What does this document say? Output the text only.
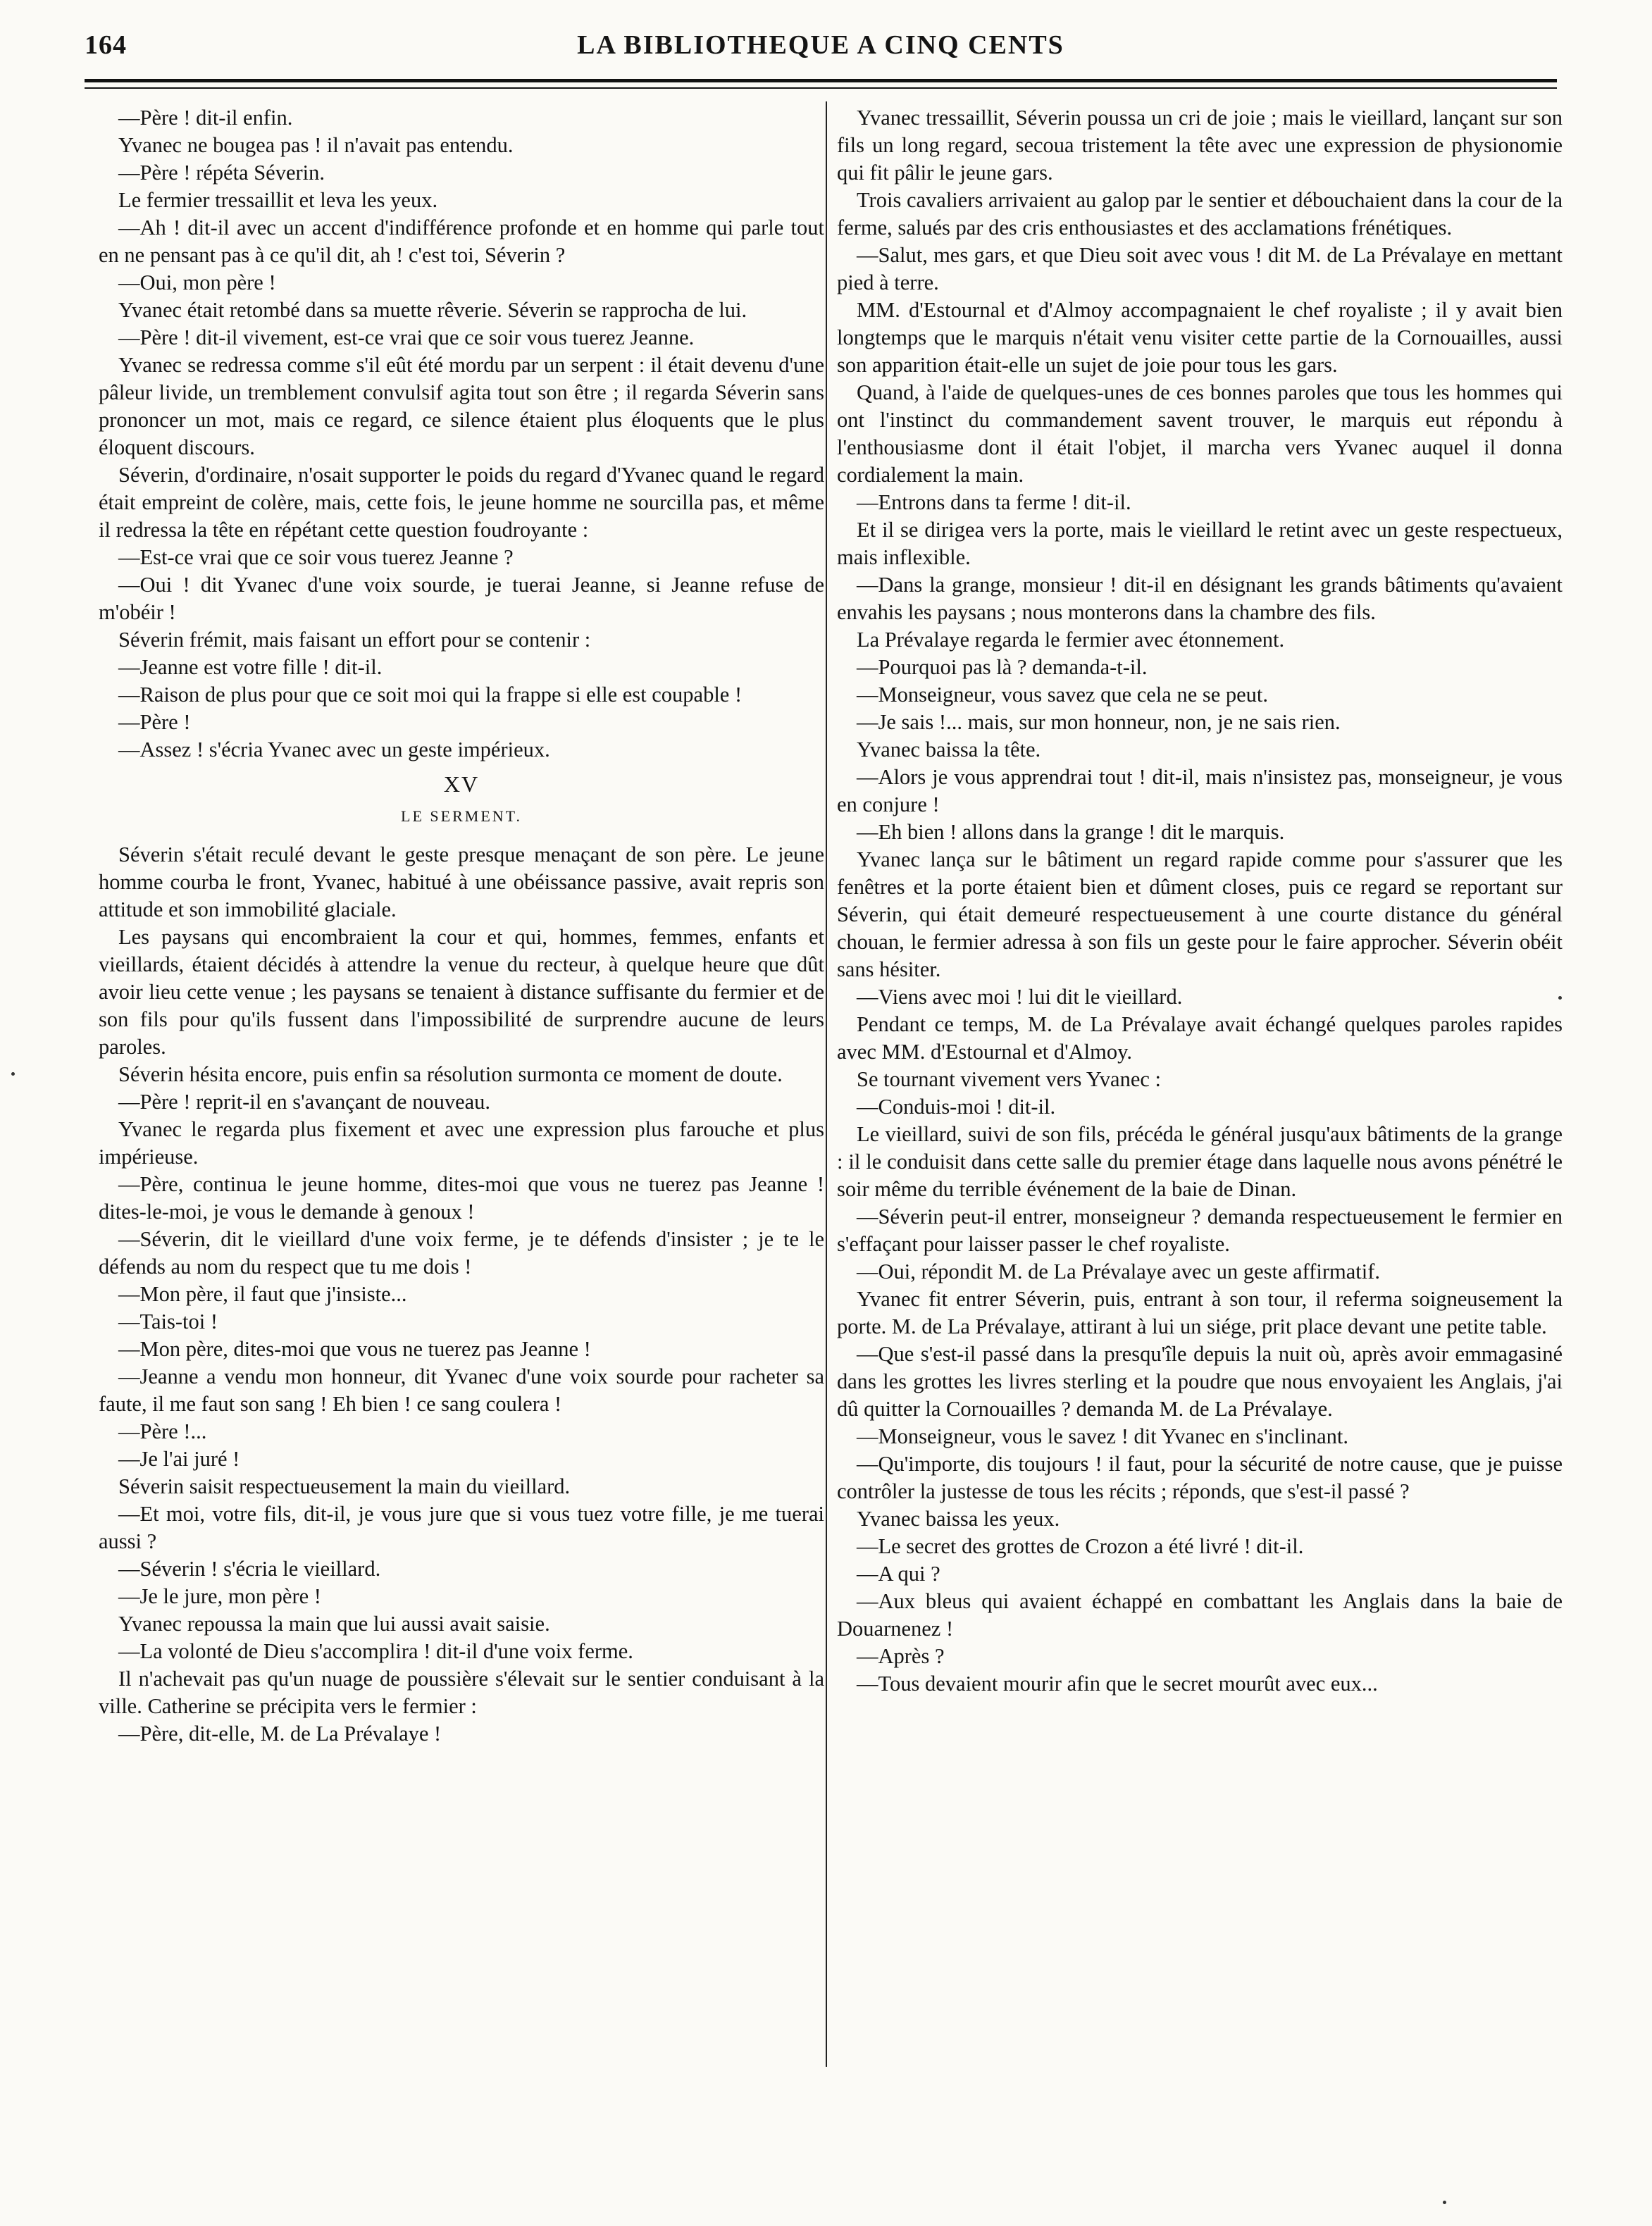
164	LA BIBLIOTHEQUE A CINQ CENTS

—Père ! dit-il enfin.

Yvanec ne bougea pas ! il n'avait pas entendu.

—Père ! répéta Séverin.

Le fermier tressaillit et leva les yeux.

—Ah ! dit-il avec un accent d'indifférence profonde et en homme qui parle tout en ne pensant pas à ce qu'il dit, ah ! c'est toi, Séverin ?

—Oui, mon père !

Yvanec était retombé dans sa muette rêverie. Séverin se rapprocha de lui.

—Père ! dit-il vivement, est-ce vrai que ce soir vous tuerez Jeanne.

Yvanec se redressa comme s'il eût été mordu par un serpent : il était devenu d'une pâleur livide, un tremblement convulsif agita tout son être ; il regarda Séverin sans prononcer un mot, mais ce regard, ce silence étaient plus éloquents que le plus éloquent discours.

Séverin, d'ordinaire, n'osait supporter le poids du regard d'Yvanec quand le regard était empreint de colère, mais, cette fois, le jeune homme ne sourcilla pas, et même il redressa la tête en répétant cette question foudroyante :

—Est-ce vrai que ce soir vous tuerez Jeanne ?

—Oui ! dit Yvanec d'une voix sourde, je tuerai Jeanne, si Jeanne refuse de m'obéir !

Séverin frémit, mais faisant un effort pour se contenir :

—Jeanne est votre fille ! dit-il.

—Raison de plus pour que ce soit moi qui la frappe si elle est coupable !

—Père !

—Assez ! s'écria Yvanec avec un geste impérieux.

XV
LE SERMENT.

Séverin s'était reculé devant le geste presque menaçant de son père. Le jeune homme courba le front, Yvanec, habitué à une obéissance passive, avait repris son attitude et son immobilité glaciale.

Les paysans qui encombraient la cour et qui, hommes, femmes, enfants et vieillards, étaient décidés à attendre la venue du recteur, à quelque heure que dût avoir lieu cette venue ; les paysans se tenaient à distance suffisante du fermier et de son fils pour qu'ils fussent dans l'impossibilité de surprendre aucune de leurs paroles.

Séverin hésita encore, puis enfin sa résolution surmonta ce moment de doute.

—Père ! reprit-il en s'avançant de nouveau.

Yvanec le regarda plus fixement et avec une expression plus farouche et plus impérieuse.

—Père, continua le jeune homme, dites-moi que vous ne tuerez pas Jeanne ! dites-le-moi, je vous le demande à genoux !

—Séverin, dit le vieillard d'une voix ferme, je te défends d'insister ; je te le défends au nom du respect que tu me dois !

—Mon père, il faut que j'insiste...

—Tais-toi !

—Mon père, dites-moi que vous ne tuerez pas Jeanne !

—Jeanne a vendu mon honneur, dit Yvanec d'une voix sourde pour racheter sa faute, il me faut son sang ! Eh bien ! ce sang coulera !

—Père !...

—Je l'ai juré !

Séverin saisit respectueusement la main du vieillard.

—Et moi, votre fils, dit-il, je vous jure que si vous tuez votre fille, je me tuerai aussi ?

—Séverin ! s'écria le vieillard.

—Je le jure, mon père !

Yvanec repoussa la main que lui aussi avait saisie.

—La volonté de Dieu s'accomplira ! dit-il d'une voix ferme.

Il n'achevait pas qu'un nuage de poussière s'élevait sur le sentier conduisant à la ville. Catherine se précipita vers le fermier :

—Père, dit-elle, M. de La Prévalaye !

Yvanec tressaillit, Séverin poussa un cri de joie ; mais le vieillard, lançant sur son fils un long regard, secoua tristement la tête avec une expression de physionomie qui fit pâlir le jeune gars.

Trois cavaliers arrivaient au galop par le sentier et débouchaient dans la cour de la ferme, salués par des cris enthousiastes et des acclamations frénétiques.

—Salut, mes gars, et que Dieu soit avec vous ! dit M. de La Prévalaye en mettant pied à terre.

MM. d'Estournal et d'Almoy accompagnaient le chef royaliste ; il y avait bien longtemps que le marquis n'était venu visiter cette partie de la Cornouailles, aussi son apparition était-elle un sujet de joie pour tous les gars.

Quand, à l'aide de quelques-unes de ces bonnes paroles que tous les hommes qui ont l'instinct du commandement savent trouver, le marquis eut répondu à l'enthousiasme dont il était l'objet, il marcha vers Yvanec auquel il donna cordialement la main.

—Entrons dans ta ferme ! dit-il.

Et il se dirigea vers la porte, mais le vieillard le retint avec un geste respectueux, mais inflexible.

—Dans la grange, monsieur ! dit-il en désignant les grands bâtiments qu'avaient envahis les paysans ; nous monterons dans la chambre des fils.

La Prévalaye regarda le fermier avec étonnement.

—Pourquoi pas là ? demanda-t-il.

—Monseigneur, vous savez que cela ne se peut.

—Je sais !... mais, sur mon honneur, non, je ne sais rien.

Yvanec baissa la tête.

—Alors je vous apprendrai tout ! dit-il, mais n'insistez pas, monseigneur, je vous en conjure !

—Eh bien ! allons dans la grange ! dit le marquis.

Yvanec lança sur le bâtiment un regard rapide comme pour s'assurer que les fenêtres et la porte étaient bien et dûment closes, puis ce regard se reportant sur Séverin, qui était demeuré respectueusement à une courte distance du général chouan, le fermier adressa à son fils un geste pour le faire approcher. Séverin obéit sans hésiter.

—Viens avec moi ! lui dit le vieillard.

Pendant ce temps, M. de La Prévalaye avait échangé quelques paroles rapides avec MM. d'Estournal et d'Almoy.

Se tournant vivement vers Yvanec :

—Conduis-moi ! dit-il.

Le vieillard, suivi de son fils, précéda le général jusqu'aux bâtiments de la grange : il le conduisit dans cette salle du premier étage dans laquelle nous avons pénétré le soir même du terrible événement de la baie de Dinan.

—Séverin peut-il entrer, monseigneur ? demanda respectueusement le fermier en s'effaçant pour laisser passer le chef royaliste.

—Oui, répondit M. de La Prévalaye avec un geste affirmatif.

Yvanec fit entrer Séverin, puis, entrant à son tour, il referma soigneusement la porte. M. de La Prévalaye, attirant à lui un siége, prit place devant une petite table.

—Que s'est-il passé dans la presqu'île depuis la nuit où, après avoir emmagasiné dans les grottes les livres sterling et la poudre que nous envoyaient les Anglais, j'ai dû quitter la Cornouailles ? demanda M. de La Prévalaye.

—Monseigneur, vous le savez ! dit Yvanec en s'inclinant.

—Qu'importe, dis toujours ! il faut, pour la sécurité de notre cause, que je puisse contrôler la justesse de tous les récits ; réponds, que s'est-il passé ?

Yvanec baissa les yeux.

—Le secret des grottes de Crozon a été livré ! dit-il.

—A qui ?

—Aux bleus qui avaient échappé en combattant les Anglais dans la baie de Douarnenez !

—Après ?

—Tous devaient mourir afin que le secret mourût avec eux...
